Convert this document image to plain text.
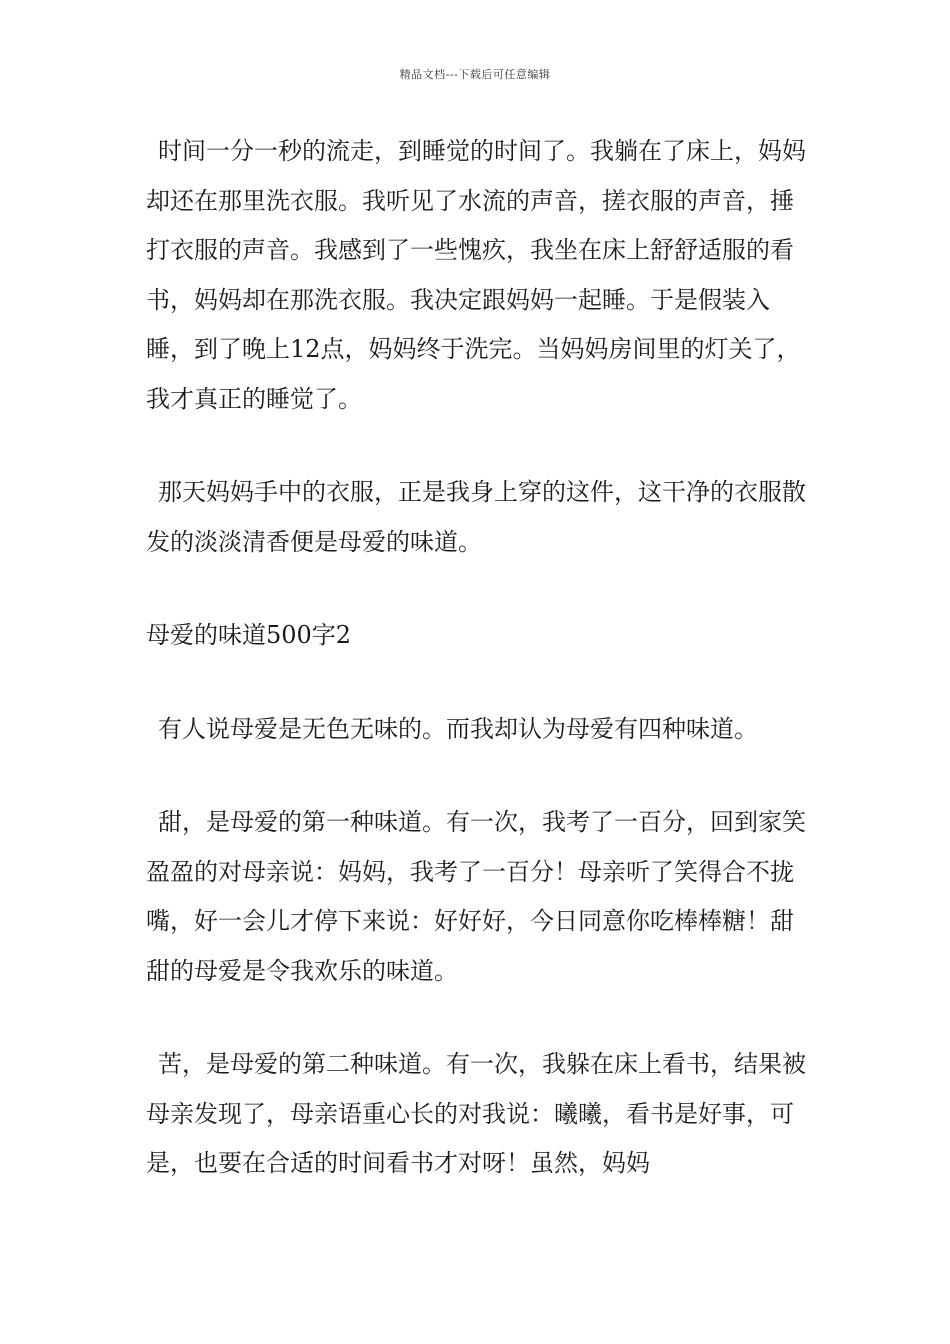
精品文档---下载后可任意编辑

时间一分一秒的流走，到睡觉的时间了。我躺在了床上，妈妈却还在那里洗衣服。我听见了水流的声音，搓衣服的声音，捶打衣服的声音。我感到了一些愧疚，我坐在床上舒舒适服的看书，妈妈却在那洗衣服。我决定跟妈妈一起睡。于是假装入睡，到了晚上12点，妈妈终于洗完。当妈妈房间里的灯关了，我才真正的睡觉了。

那天妈妈手中的衣服，正是我身上穿的这件，这干净的衣服散发的淡淡清香便是母爱的味道。

母爱的味道500字2

有人说母爱是无色无味的。而我却认为母爱有四种味道。

甜，是母爱的第一种味道。有一次，我考了一百分，回到家笑盈盈的对母亲说：妈妈，我考了一百分！母亲听了笑得合不拢嘴，好一会儿才停下来说：好好好，今日同意你吃棒棒糖！甜甜的母爱是令我欢乐的味道。

苦，是母爱的第二种味道。有一次，我躲在床上看书，结果被母亲发现了，母亲语重心长的对我说：曦曦，看书是好事，可是，也要在合适的时间看书才对呀！虽然，妈妈
